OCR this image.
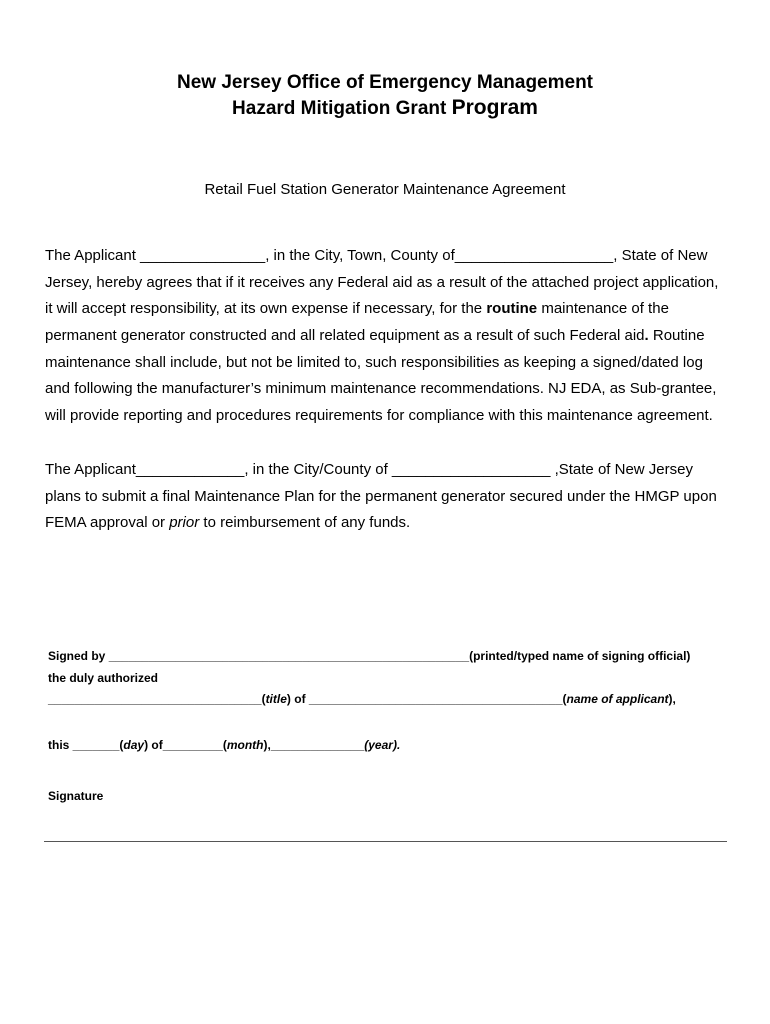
New Jersey Office of Emergency Management
Hazard Mitigation Grant Program
Retail Fuel Station Generator Maintenance Agreement
The Applicant _______________, in the City, Town, County of___________________, State of New
Jersey, hereby agrees that if it receives any Federal aid as a result of the attached project application,
it will accept responsibility, at its own expense if necessary, for the routine maintenance of the
permanent generator constructed and all related equipment as a result of such Federal aid. Routine
maintenance shall include, but not be limited to, such responsibilities as keeping a signed/dated log
and following the manufacturer’s minimum maintenance recommendations. NJ EDA, as Sub-grantee,
will provide reporting and procedures requirements for compliance with this maintenance agreement.
The Applicant_____________, in the City/County of ___________________ ,State of New Jersey
plans to submit a final Maintenance Plan for the permanent generator secured under the HMGP upon
FEMA approval or prior to reimbursement of any funds.
Signed by ______________________________________________________(printed/typed name of signing official)
the duly authorized
________________________________(title) of ______________________________________(name of applicant),
this _______(day) of_________(month),______________(year).
Signature
